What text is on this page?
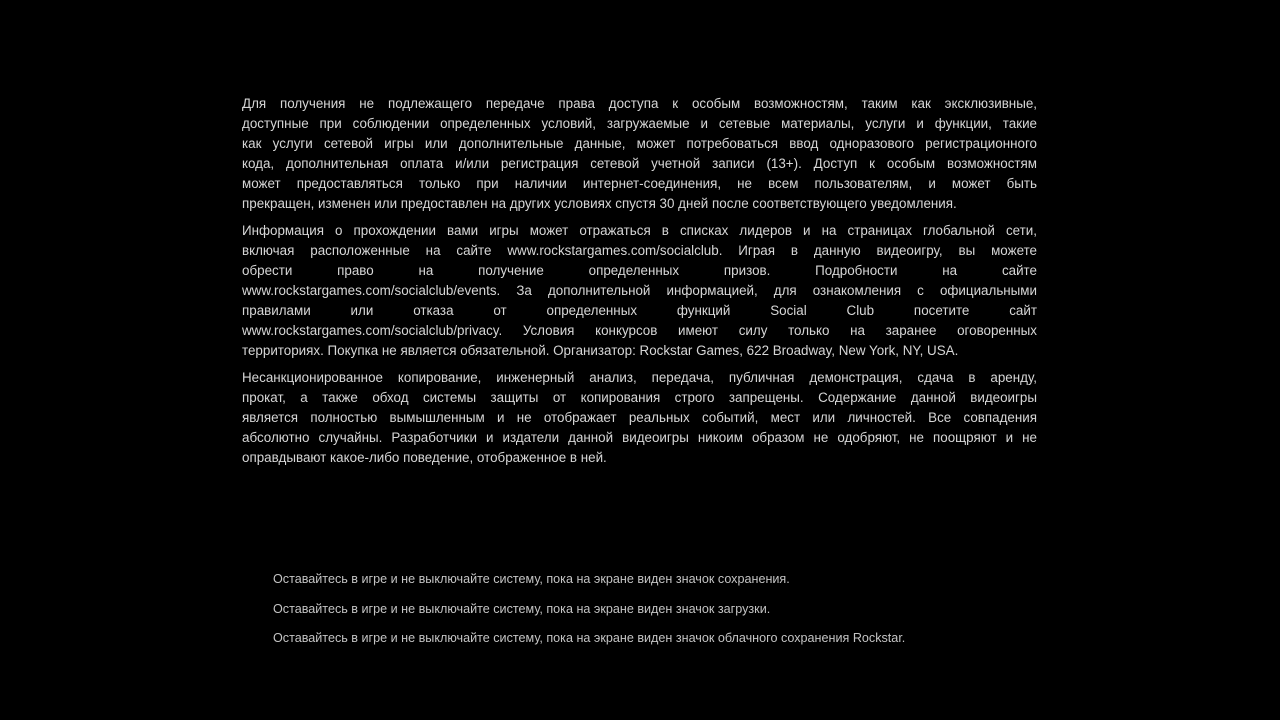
Для получения не подлежащего передаче права доступа к особым возможностям, таким как эксклюзивные,
доступные при соблюдении определенных условий, загружаемые и сетевые материалы, услуги и функции, такие
как услуги сетевой игры или дополнительные данные, может потребоваться ввод одноразового регистрационного
кода, дополнительная оплата и/или регистрация сетевой учетной записи (13+). Доступ к особым возможностям
может предоставляться только при наличии интернет-соединения, не всем пользователям, и может быть
прекращен, изменен или предоставлен на других условиях спустя 30 дней после соответствующего уведомления.
Информация о прохождении вами игры может отражаться в списках лидеров и на страницах глобальной сети,
включая расположенные на сайте www.rockstargames.com/socialclub. Играя в данную видеоигру, вы можете
обрести право на получение определенных призов. Подробности на сайте
www.rockstargames.com/socialclub/events. За дополнительной информацией, для ознакомления с официальными
правилами или отказа от определенных функций Social Club посетите сайт
www.rockstargames.com/socialclub/privacy. Условия конкурсов имеют силу только на заранее оговоренных
территориях. Покупка не является обязательной. Организатор: Rockstar Games, 622 Broadway, New York, NY, USA.
Несанкционированное копирование, инженерный анализ, передача, публичная демонстрация, сдача в аренду,
прокат, а также обход системы защиты от копирования строго запрещены. Содержание данной видеоигры
является полностью вымышленным и не отображает реальных событий, мест или личностей. Все совпадения
абсолютно случайны. Разработчики и издатели данной видеоигры никоим образом не одобряют, не поощряют и не
оправдывают какое-либо поведение, отображенное в ней.
Оставайтесь в игре и не выключайте систему, пока на экране виден значок сохранения.
Оставайтесь в игре и не выключайте систему, пока на экране виден значок загрузки.
Оставайтесь в игре и не выключайте систему, пока на экране виден значок облачного сохранения Rockstar.
